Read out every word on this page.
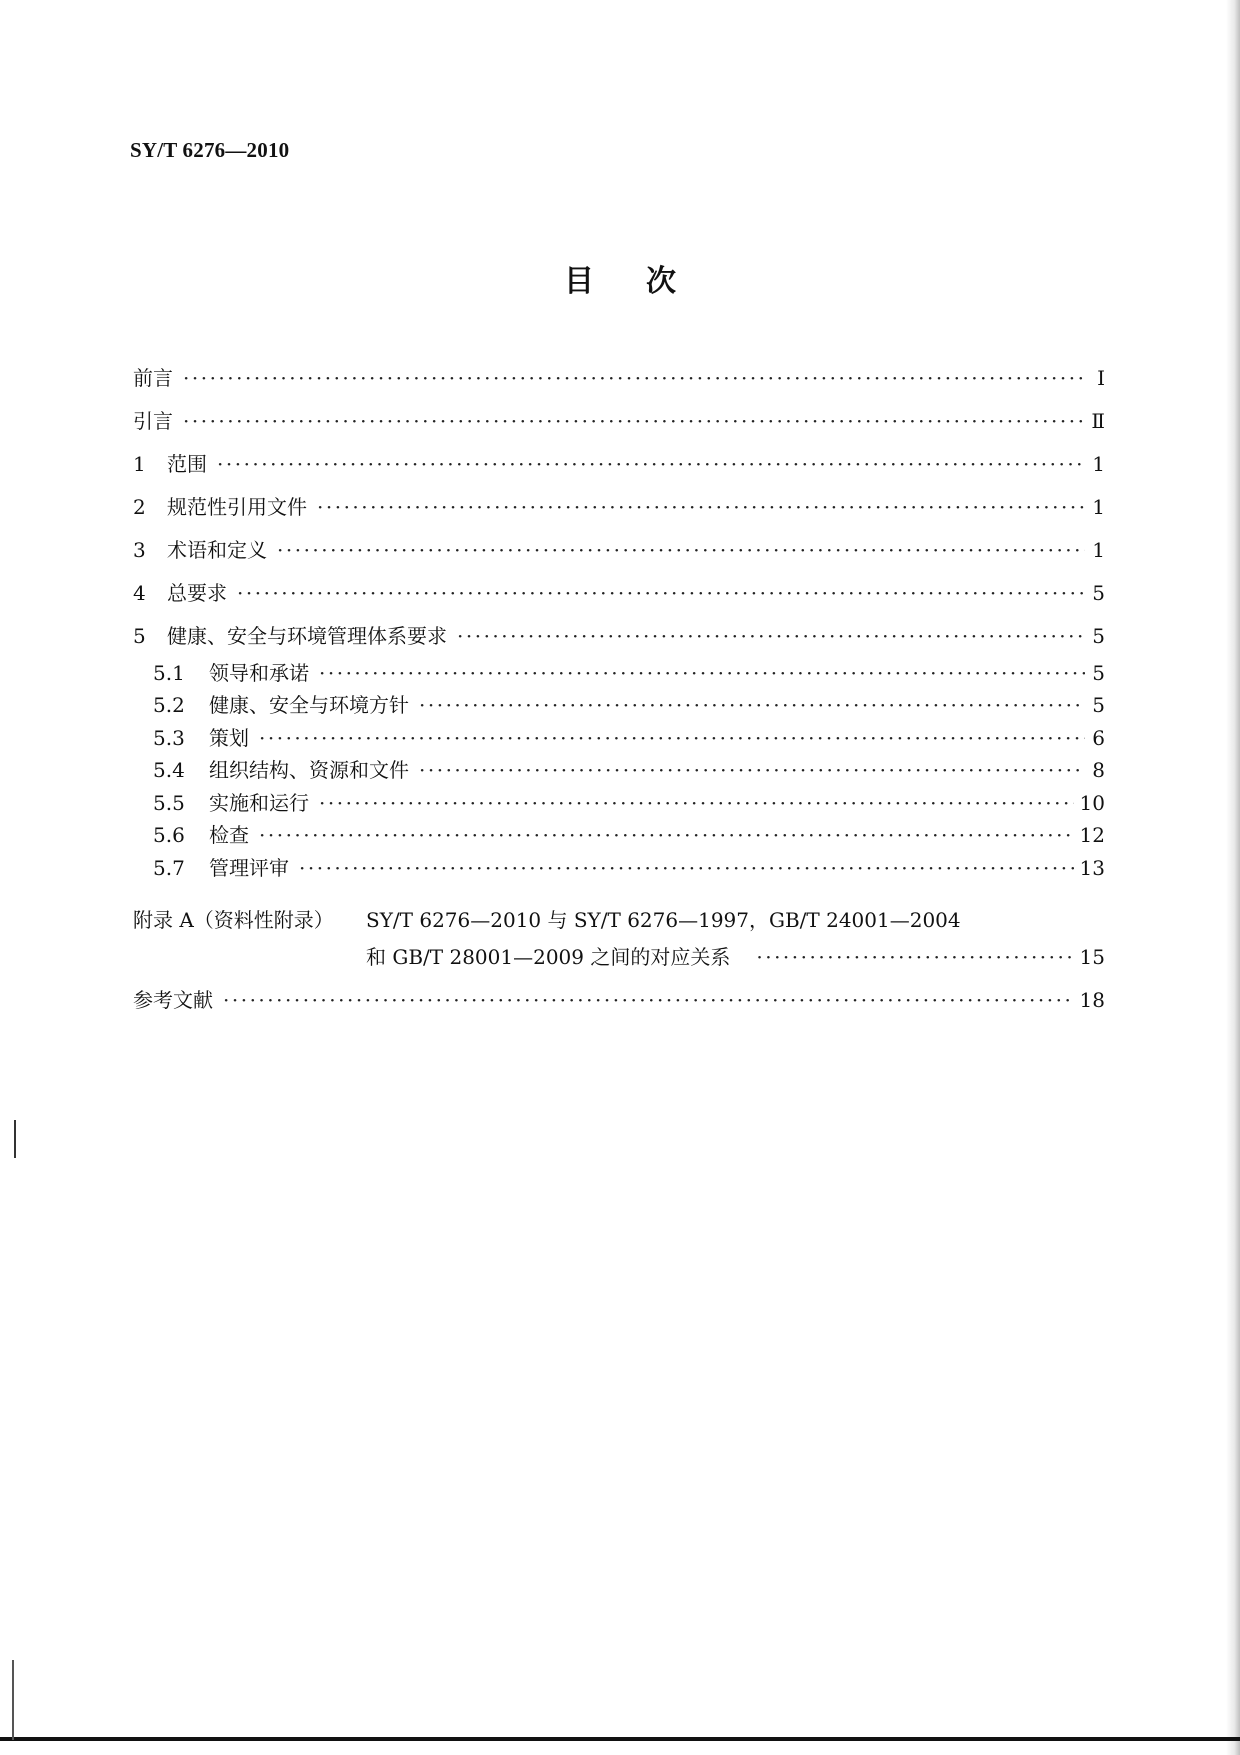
SY/T 6276—2010
目次
前言 ·····	Ⅰ
引言 ·····	Ⅱ
1	范围 ·····	1
2	规范性引用文件 ·····	1
3	术语和定义 ·····	1
4	总要求 ·····	5
5	健康、安全与环境管理体系要求 ·····	5
5.1	领导和承诺 ·····	5
5.2	健康、安全与环境方针 ·····	5
5.3	策划 ·····	6
5.4	组织结构、资源和文件 ·····	8
5.5	实施和运行 ·····	10
5.6	检查 ·····	12
5.7	管理评审 ·····	13
附录 A（资料性附录） SY/T 6276—2010 与 SY/T 6276—1997，GB/T 24001—2004
和 GB/T 28001—2009 之间的对应关系 ·····	15
参考文献 ·····	18
